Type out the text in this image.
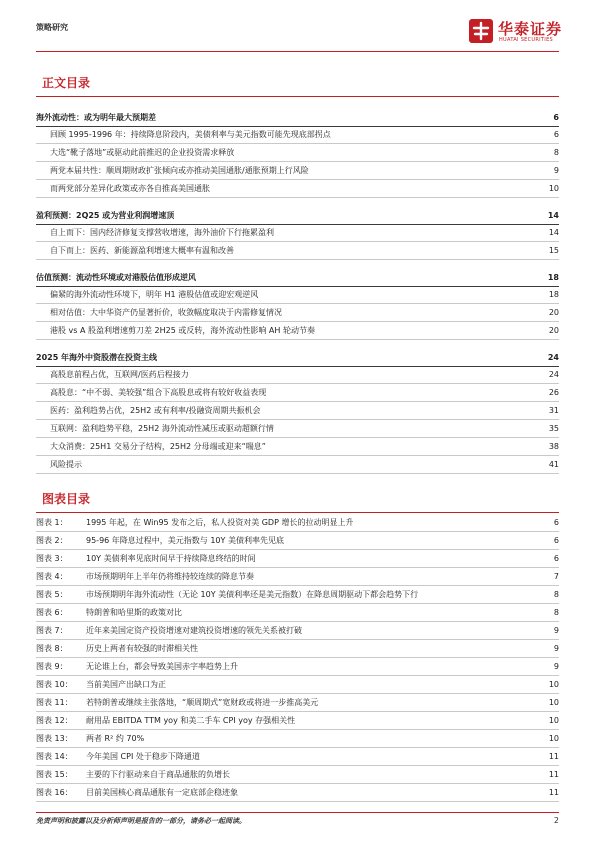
策略研究	华泰证券
HUATAI SECURITIES
正文目录
海外流动性：或为明年最大预期差	6
回顾 1995-1996 年：持续降息阶段内，美债利率与美元指数可能先现底部拐点	6
大选“靴子落地”或驱动此前推迟的企业投资需求释放	8
两党本届共性：顺周期财政扩张倾向或亦推动美国通胀/通胀预期上行风险	9
而两党部分差异化政策或亦各自推高美国通胀	10
盈利预测：2Q25 或为营业利润增速顶	14
自上而下：国内经济修复支撑营收增速，海外油价下行拖累盈利	14
自下而上：医药、新能源盈利增速大概率有温和改善	15
估值预测：流动性环境或对港股估值形成逆风	18
偏紧的海外流动性环境下，明年 H1 港股估值或迎宏观逆风	18
相对估值：大中华资产仍显著折价，收敛幅度取决于内需修复情况	20
港股 vs A 股盈利增速剪刀差 2H25 或反转，海外流动性影响 AH 轮动节奏	20
2025 年海外中资股潜在投资主线	24
高股息前程占优，互联网/医药后程接力	24
高股息：“中不弱、美较强”组合下高股息或将有较好收益表现	26
医药：盈利趋势占优，25H2 或有利率/投融资周期共振机会	31
互联网：盈利趋势平稳，25H2 海外流动性减压或驱动超额行情	35
大众消费：25H1 交易分子结构，25H2 分母端或迎来“喘息”	38
风险提示	41
图表目录
图表 1： 1995 年起，在 Win95 发布之后，私人投资对美 GDP 增长的拉动明显上升	6
图表 2： 95-96 年降息过程中，美元指数与 10Y 美债利率先见底	6
图表 3： 10Y 美债利率见底时间早于持续降息终结的时间	6
图表 4： 市场预期明年上半年仍将维持较连续的降息节奏	7
图表 5： 市场预期明年海外流动性（无论 10Y 美债利率还是美元指数）在降息周期驱动下都会趋势下行	8
图表 6： 特朗普和哈里斯的政策对比	8
图表 7： 近年来美国定资产投资增速对建筑投资增速的领先关系被打破	9
图表 8： 历史上两者有较强的时滞相关性	9
图表 9： 无论谁上台，都会导致美国赤字率趋势上升	9
图表 10： 当前美国产出缺口为正	10
图表 11： 若特朗普或继续主张落地，“顺周期式”宽财政或将进一步推高美元	10
图表 12： 耐用品 EBITDA TTM yoy 和美二手车 CPI yoy 存强相关性	10
图表 13： 两者 R² 约 70%	10
图表 14： 今年美国 CPI 处于稳步下降通道	11
图表 15： 主要的下行驱动来自于商品通胀的负增长	11
图表 16： 目前美国核心商品通胀有一定底部企稳迹象	11
免责声明和披露以及分析师声明是报告的一部分，请务必一起阅读。	2
